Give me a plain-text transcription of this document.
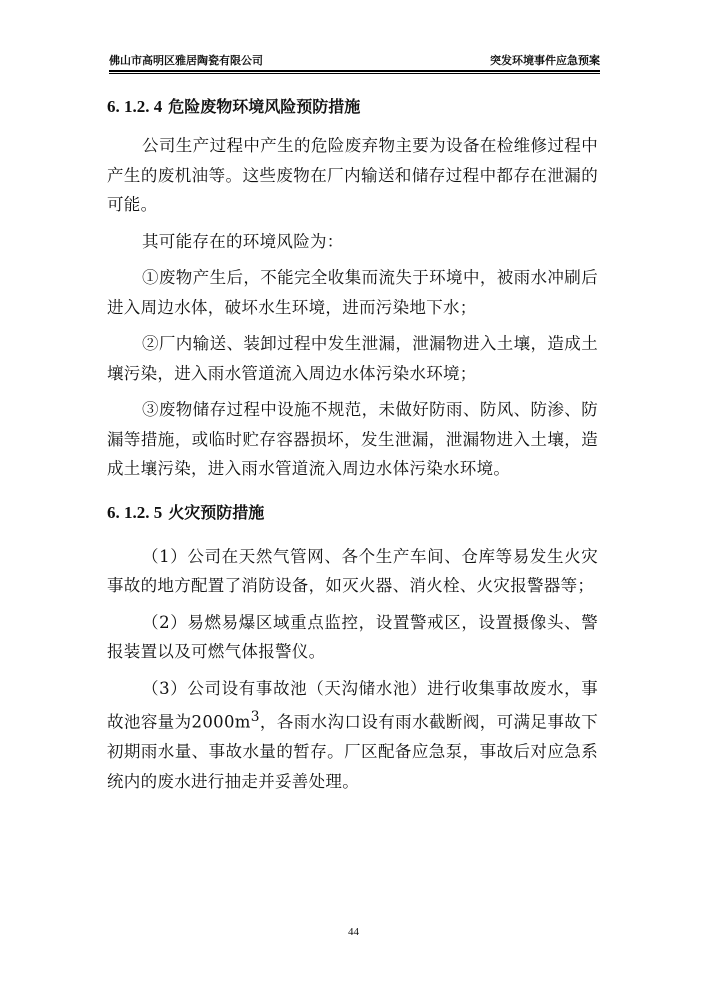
佛山市高明区雅居陶瓷有限公司	突发环境事件应急预案
6. 1.2. 4 危险废物环境风险预防措施

公司生产过程中产生的危险废弃物主要为设备在检维修过程中产生的废机油等。这些废物在厂内输送和储存过程中都存在泄漏的可能。

其可能存在的环境风险为：

①废物产生后，不能完全收集而流失于环境中，被雨水冲刷后进入周边水体，破坏水生环境，进而污染地下水；

②厂内输送、装卸过程中发生泄漏，泄漏物进入土壤，造成土壤污染，进入雨水管道流入周边水体污染水环境；

③废物储存过程中设施不规范，未做好防雨、防风、防渗、防漏等措施，或临时贮存容器损坏，发生泄漏，泄漏物进入土壤，造成土壤污染，进入雨水管道流入周边水体污染水环境。

6. 1.2. 5 火灾预防措施

（1）公司在天然气管网、各个生产车间、仓库等易发生火灾事故的地方配置了消防设备，如灭火器、消火栓、火灾报警器等；

（2）易燃易爆区域重点监控，设置警戒区，设置摄像头、警报装置以及可燃气体报警仪。

（3）公司设有事故池（天沟储水池）进行收集事故废水，事故池容量为$2000m^3$，各雨水沟口设有雨水截断阀，可满足事故下初期雨水量、事故水量的暂存。厂区配备应急泵，事故后对应急系统内的废水进行抽走并妥善处理。

44
